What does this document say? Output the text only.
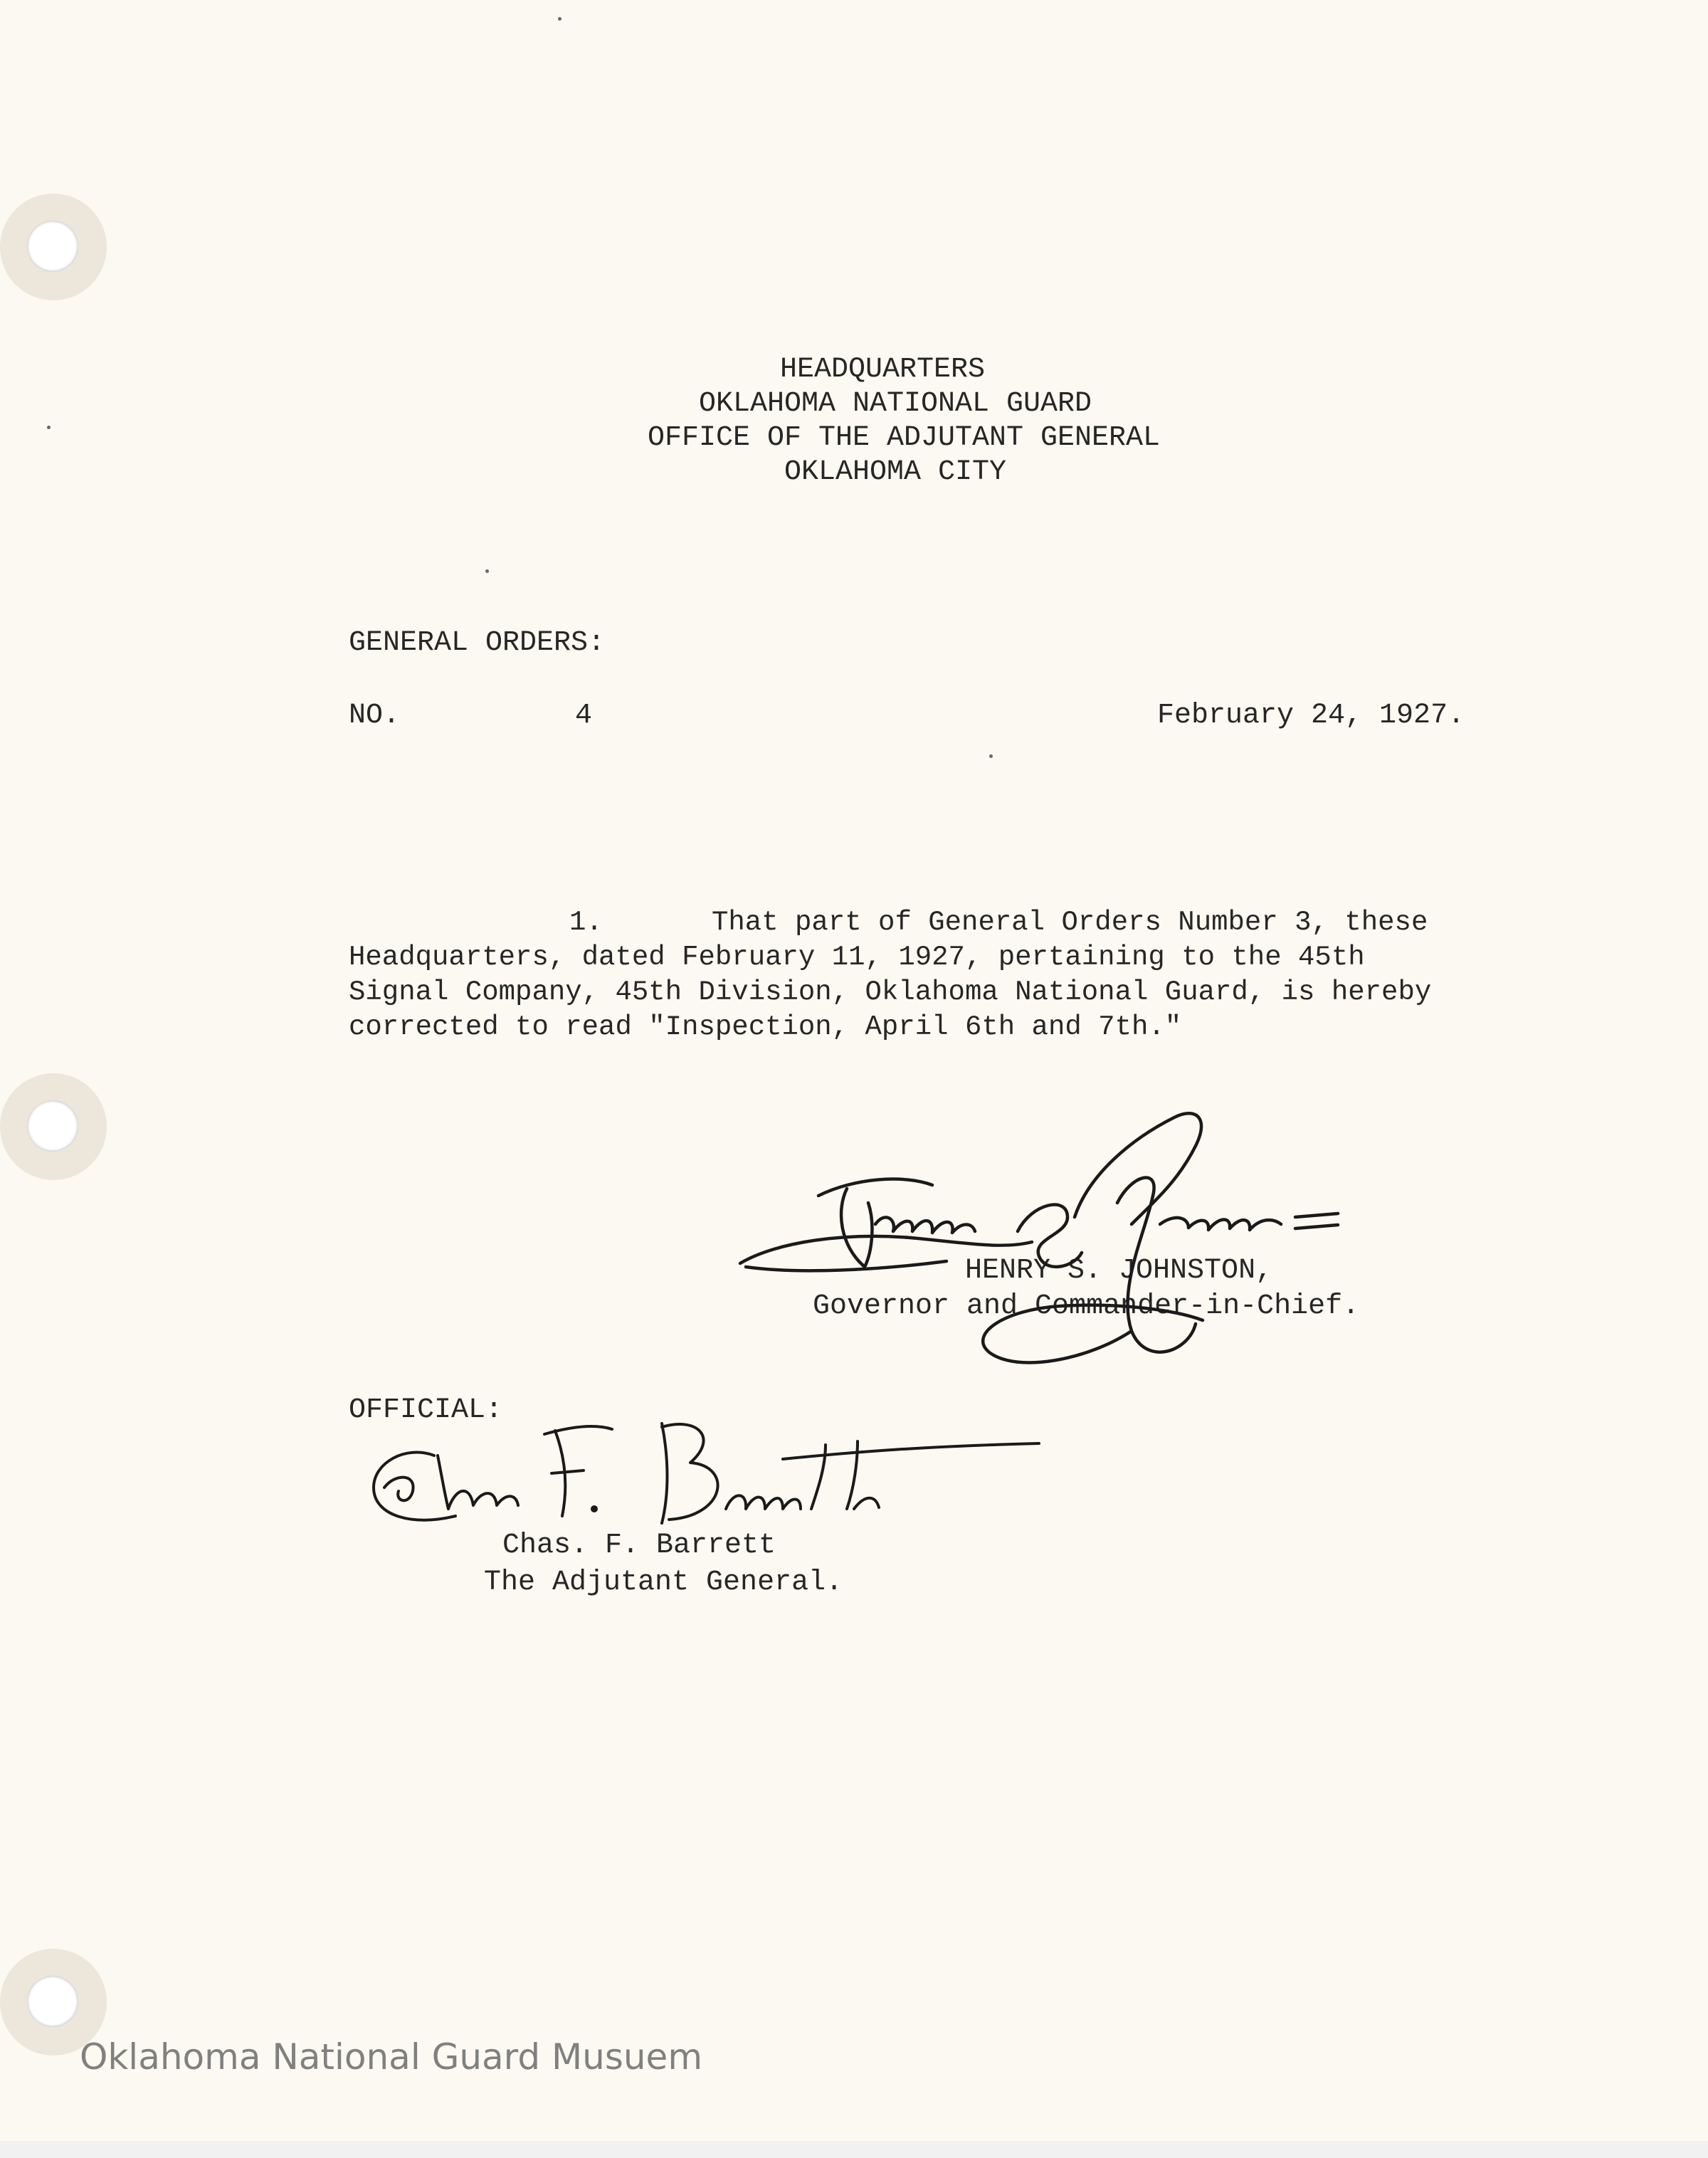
HEADQUARTERS
OKLAHOMA NATIONAL GUARD
OFFICE OF THE ADJUTANT GENERAL
OKLAHOMA CITY
GENERAL ORDERS:
NO.	4	February 24, 1927.
1.	That part of General Orders Number 3, these
Headquarters, dated February 11, 1927, pertaining to the 45th
Signal Company, 45th Division, Oklahoma National Guard, is hereby
corrected to read "Inspection, April 6th and 7th."
HENRY S. JOHNSTON,
Governor and Commander-in-Chief.
OFFICIAL:
Chas. F. Barrett
The Adjutant General.
Oklahoma National Guard Musuem
